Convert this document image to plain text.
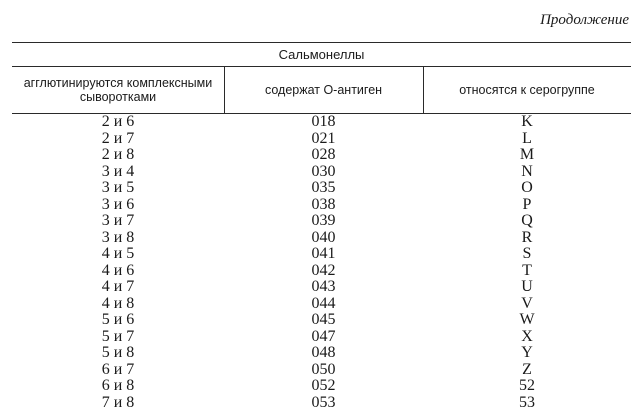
Продолжение
Сальмонеллы
агглютинируются комплексными сыворотками	содержат О-антиген	относятся к серогруппе
2 и 6	018	K
2 и 7	021	L
2 и 8	028	M
3 и 4	030	N
3 и 5	035	O
3 и 6	038	P
3 и 7	039	Q
3 и 8	040	R
4 и 5	041	S
4 и 6	042	T
4 и 7	043	U
4 и 8	044	V
5 и 6	045	W
5 и 7	047	X
5 и 8	048	Y
6 и 7	050	Z
6 и 8	052	52
7 и 8	053	53
